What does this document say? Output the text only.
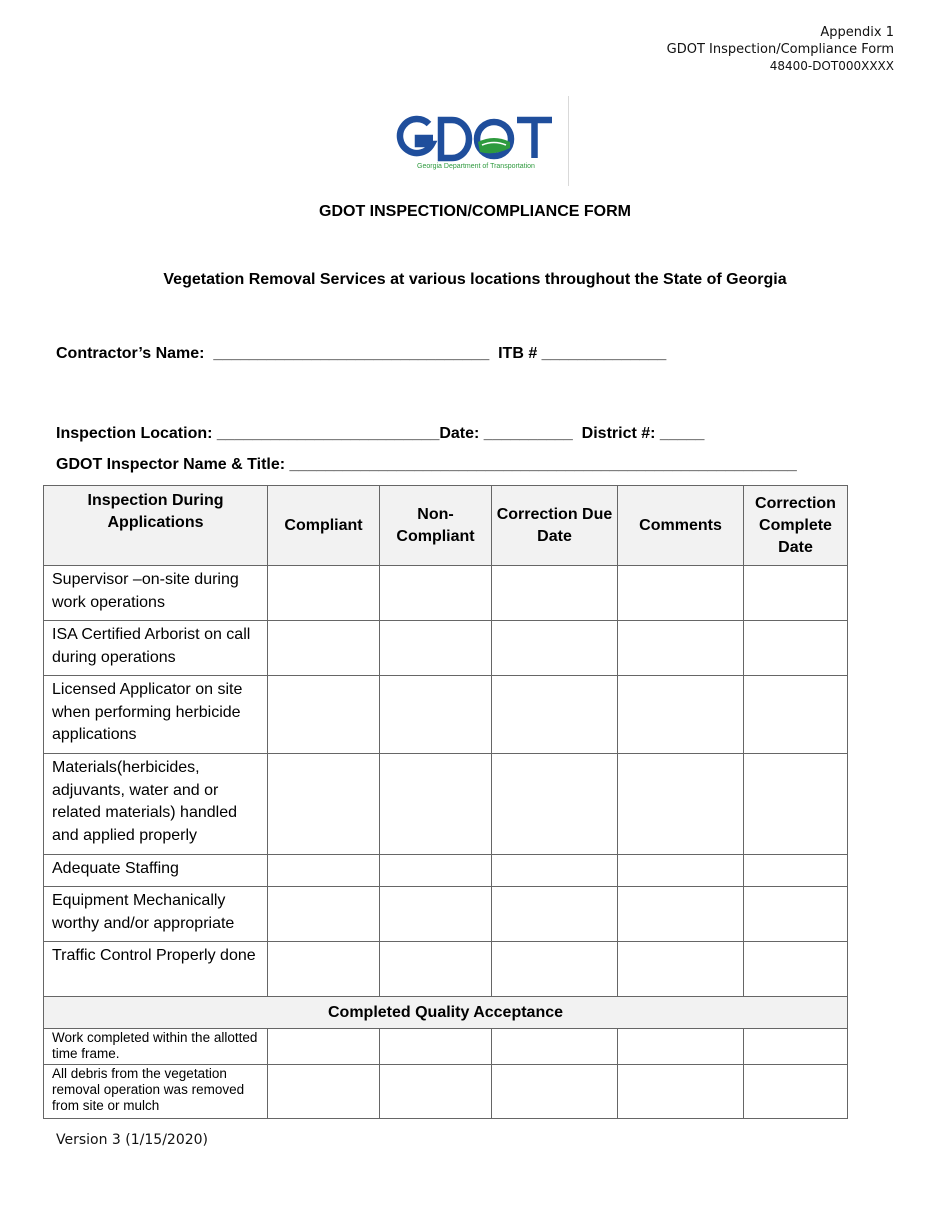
Appendix 1
GDOT Inspection/Compliance Form
48400-DOT000XXXX
Georgia Department of Transportation
GDOT INSPECTION/COMPLIANCE FORM
Vegetation Removal Services at various locations throughout the State of Georgia
Contractor’s Name:  _______________________________  ITB # ______________
Inspection Location: _________________________Date: __________  District #: _____
GDOT Inspector Name & Title: _________________________________________________________
Inspection During Applications	Compliant	Non-Compliant	Correction Due Date	Comments	Correction Complete Date
Supervisor –on-site during work operations					
ISA Certified Arborist on call during operations					
Licensed Applicator on site when performing herbicide applications					
Materials(herbicides, adjuvants, water and or related materials) handled and applied properly					
Adequate Staffing					
Equipment Mechanically worthy and/or appropriate					
Traffic Control Properly done					
Completed Quality Acceptance					
Work completed within the allotted time frame.					
All debris from the vegetation removal operation was removed from site or mulch					
Version 3 (1/15/2020)
